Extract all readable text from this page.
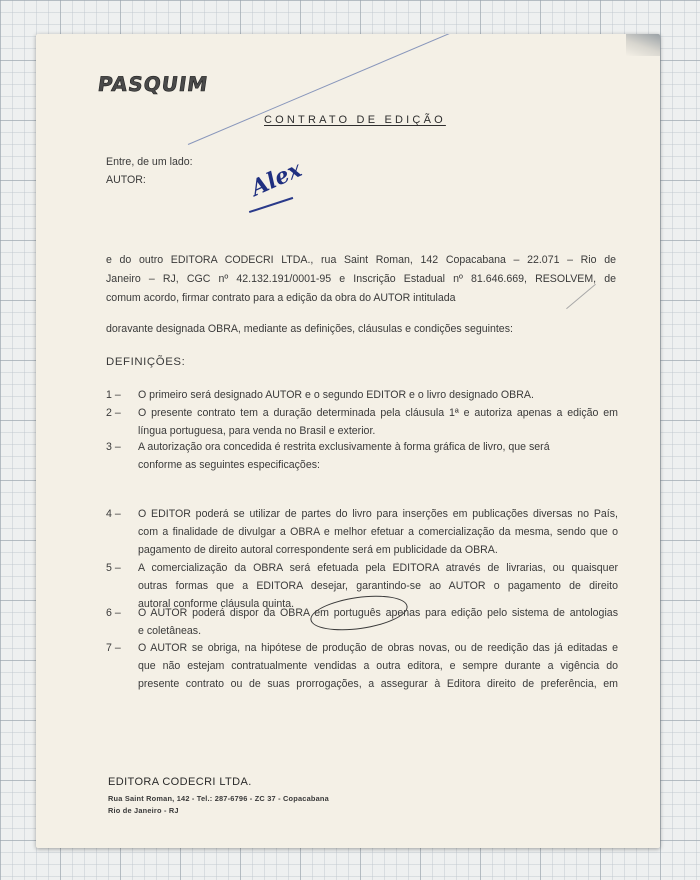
PASQUIM
CONTRATO DE EDIÇÃO
Entre, de um lado:
AUTOR:	Alex
e do outro EDITORA CODECRI LTDA., rua Saint Roman, 142 Copacabana – 22.071 – Rio de
Janeiro – RJ, CGC nº 42.132.191/0001-95 e Inscrição Estadual nº 81.646.669, RESOLVEM, de
comum acordo, firmar contrato para a edição da obra do AUTOR intitulada
doravante designada OBRA, mediante as definições, cláusulas e condições seguintes:
DEFINIÇÕES:
1 – O primeiro será designado AUTOR e o segundo EDITOR e o livro designado OBRA.
2 – O presente contrato tem a duração determinada pela cláusula 1ª e autoriza apenas a edição em
língua portuguesa, para venda no Brasil e exterior.
3 – A autorização ora concedida é restrita exclusivamente à forma gráfica de livro, que será
conforme as seguintes especificações:
4 – O EDITOR poderá se utilizar de partes do livro para inserções em publicações diversas no País,
com a finalidade de divulgar a OBRA e melhor efetuar a comercialização da mesma, sendo que o
pagamento de direito autoral correspondente será em publicidade da OBRA.
5 – A comercialização da OBRA será efetuada pela EDITORA através de livrarias, ou quaisquer
outras formas que a EDITORA desejar, garantindo-se ao AUTOR o pagamento de direito
autoral conforme cláusula quinta.
6 – O AUTOR poderá dispor da OBRA em português apenas para edição pelo sistema de antologias
e coletâneas.
7 – O AUTOR se obriga, na hipótese de produção de obras novas, ou de reedição das já editadas e
que não estejam contratualmente vendidas a outra editora, e sempre durante a vigência do
presente contrato ou de suas prorrogações, a assegurar à Editora direito de preferência, em
EDITORA CODECRI LTDA.
Rua Saint Roman, 142 - Tel.: 287-6796 - ZC 37 - Copacabana
Rio de Janeiro - RJ
